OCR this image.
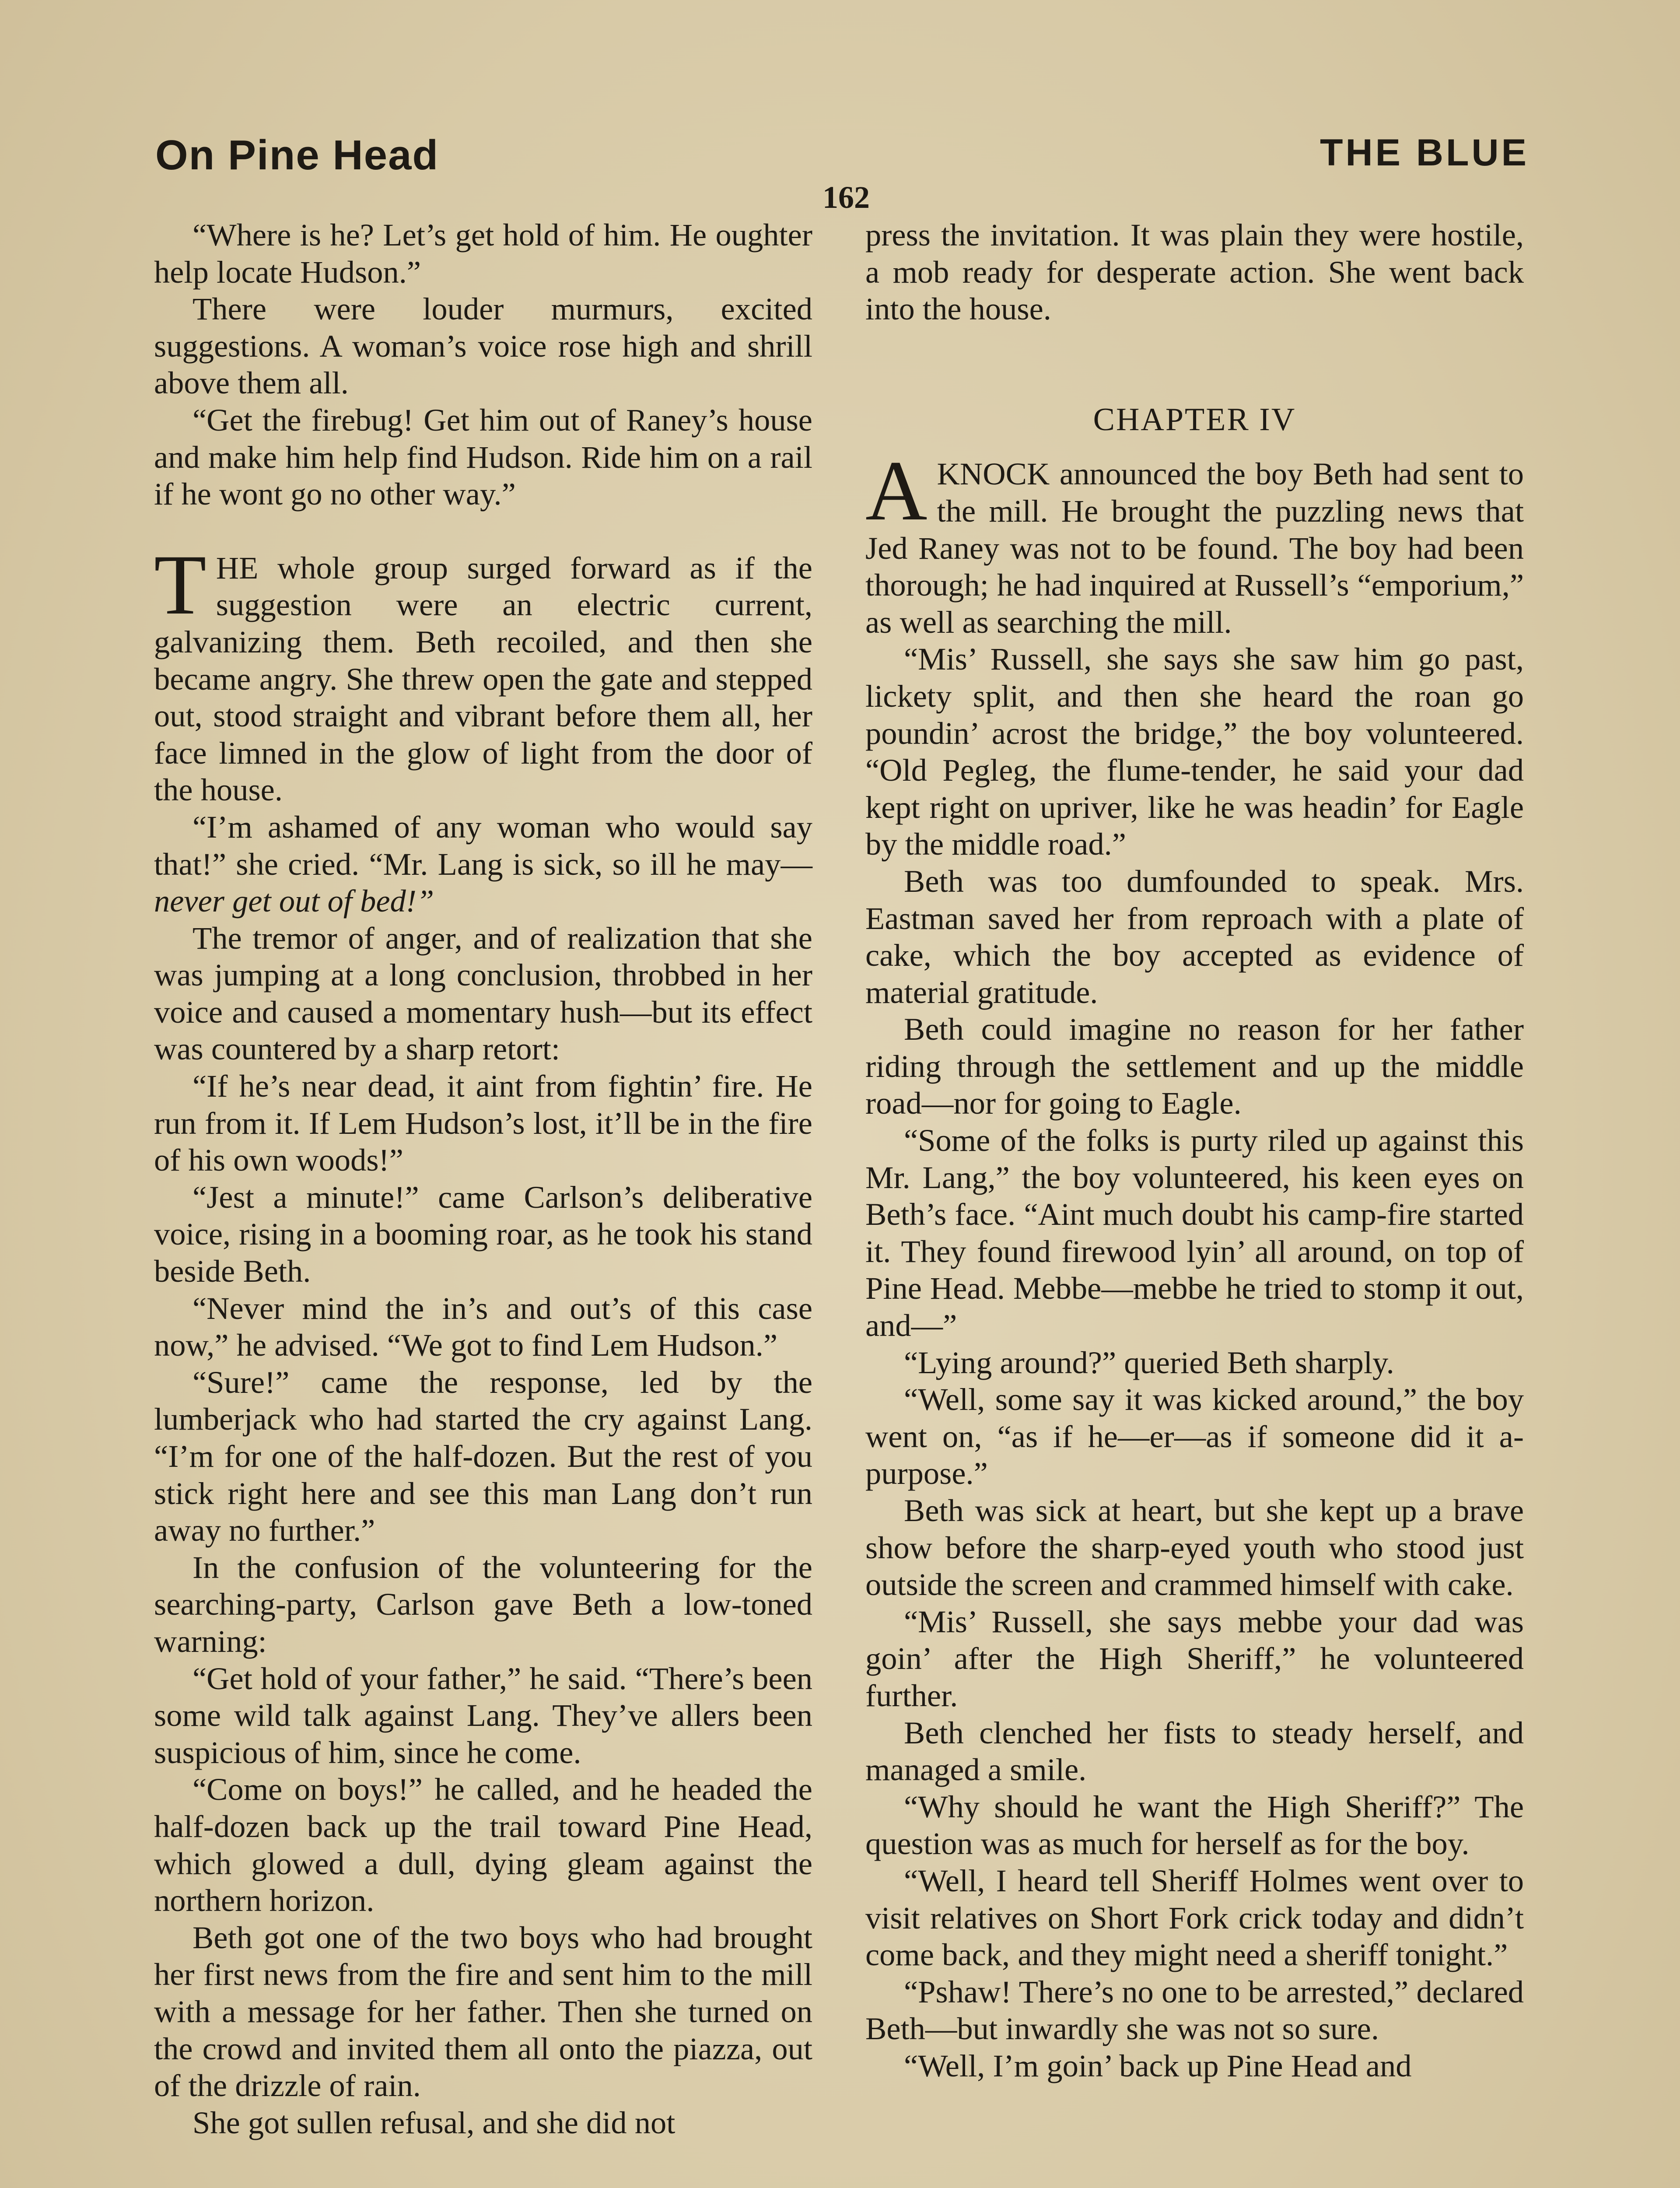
On Pine Head	THE BLUE
162

“Where is he? Let’s get hold of him. He oughter help locate Hudson.”

There were louder murmurs, excited suggestions. A woman’s voice rose high and shrill above them all.

“Get the firebug! Get him out of Raney’s house and make him help find Hudson. Ride him on a rail if he wont go no other way.”

THE whole group surged forward as if the suggestion were an electric current, galvanizing them. Beth recoiled, and then she became angry. She threw open the gate and stepped out, stood straight and vibrant before them all, her face limned in the glow of light from the door of the house.

“I’m ashamed of any woman who would say that!” she cried. “Mr. Lang is sick, so ill he may—never get out of bed!”

The tremor of anger, and of realization that she was jumping at a long conclusion, throbbed in her voice and caused a momentary hush—but its effect was countered by a sharp retort:

“If he’s near dead, it aint from fightin’ fire. He run from it. If Lem Hudson’s lost, it’ll be in the fire of his own woods!”

“Jest a minute!” came Carlson’s deliberative voice, rising in a booming roar, as he took his stand beside Beth.

“Never mind the in’s and out’s of this case now,” he advised. “We got to find Lem Hudson.”

“Sure!” came the response, led by the lumberjack who had started the cry against Lang. “I’m for one of the half-dozen. But the rest of you stick right here and see this man Lang don’t run away no further.”

In the confusion of the volunteering for the searching-party, Carlson gave Beth a low-toned warning:

“Get hold of your father,” he said. “There’s been some wild talk against Lang. They’ve allers been suspicious of him, since he come.

“Come on boys!” he called, and he headed the half-dozen back up the trail toward Pine Head, which glowed a dull, dying gleam against the northern horizon.

Beth got one of the two boys who had brought her first news from the fire and sent him to the mill with a message for her father. Then she turned on the crowd and invited them all onto the piazza, out of the drizzle of rain.

She got sullen refusal, and she did not

press the invitation. It was plain they were hostile, a mob ready for desperate action. She went back into the house.

CHAPTER IV

AKNOCK announced the boy Beth had sent to the mill. He brought the puzzling news that Jed Raney was not to be found. The boy had been thorough; he had inquired at Russell’s “emporium,” as well as searching the mill.

“Mis’ Russell, she says she saw him go past, lickety split, and then she heard the roan go poundin’ acrost the bridge,” the boy volunteered. “Old Pegleg, the flume-tender, he said your dad kept right on upriver, like he was headin’ for Eagle by the middle road.”

Beth was too dumfounded to speak. Mrs. Eastman saved her from reproach with a plate of cake, which the boy accepted as evidence of material gratitude.

Beth could imagine no reason for her father riding through the settlement and up the middle road—nor for going to Eagle.

“Some of the folks is purty riled up against this Mr. Lang,” the boy volunteered, his keen eyes on Beth’s face. “Aint much doubt his camp-fire started it. They found firewood lyin’ all around, on top of Pine Head. Mebbe—mebbe he tried to stomp it out, and—”

“Lying around?” queried Beth sharply.

“Well, some say it was kicked around,” the boy went on, “as if he—er—as if someone did it a-purpose.”

Beth was sick at heart, but she kept up a brave show before the sharp-eyed youth who stood just outside the screen and crammed himself with cake.

“Mis’ Russell, she says mebbe your dad was goin’ after the High Sheriff,” he volunteered further.

Beth clenched her fists to steady herself, and managed a smile.

“Why should he want the High Sheriff?” The question was as much for herself as for the boy.

“Well, I heard tell Sheriff Holmes went over to visit relatives on Short Fork crick today and didn’t come back, and they might need a sheriff tonight.”

“Pshaw! There’s no one to be arrested,” declared Beth—but inwardly she was not so sure.

“Well, I’m goin’ back up Pine Head and
